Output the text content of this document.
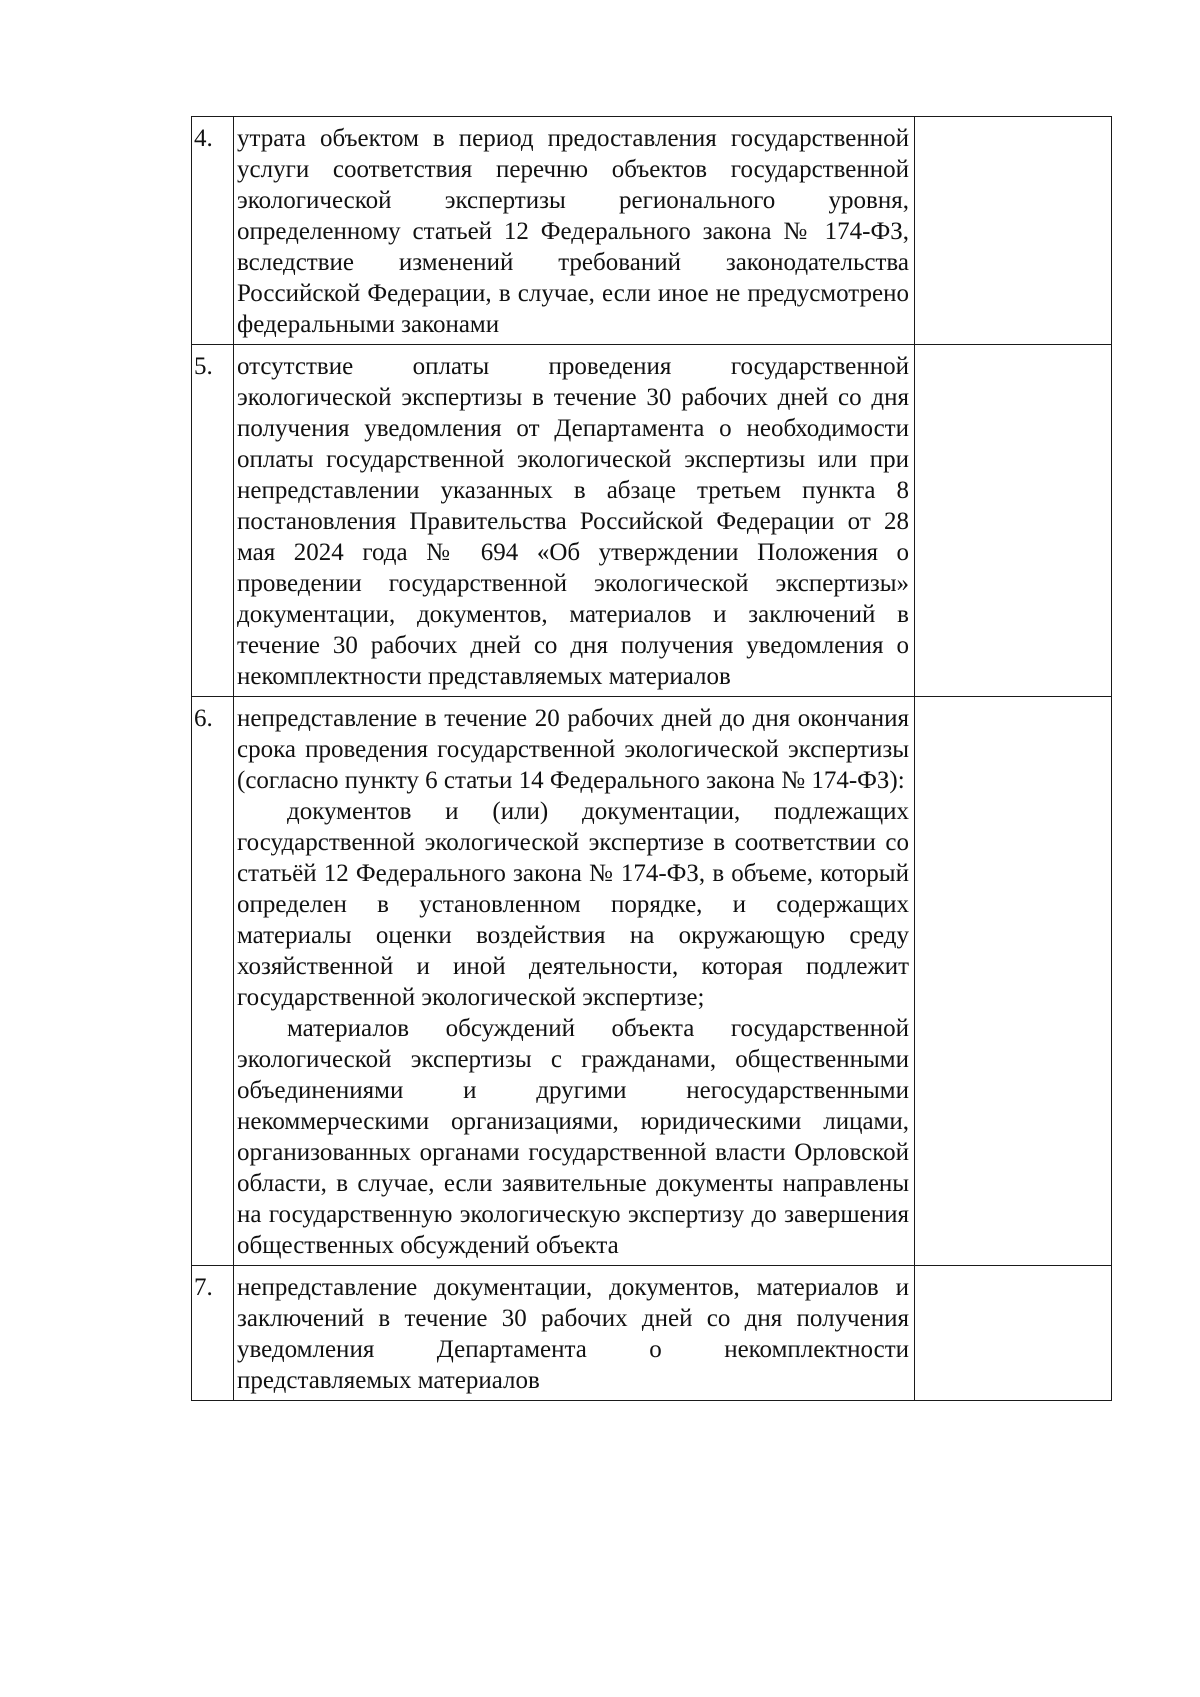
4.	утрата объектом в период предоставления государственной услуги соответствия перечню объектов государственной экологической экспертизы регионального уровня, определенному статьей 12 Федерального закона № 174-ФЗ, вследствие изменений требований законодательства Российской Федерации, в случае, если иное не предусмотрено федеральными законами	

5.	отсутствие оплаты проведения государственной экологической экспертизы в течение 30 рабочих дней со дня получения уведомления от Департамента о необходимости оплаты государственной экологической экспертизы или при непредставлении указанных в абзаце третьем пункта 8 постановления Правительства Российской Федерации от 28 мая 2024 года № 694 «Об утверждении Положения о проведении государственной экологической экспертизы» документации, документов, материалов и заключений в течение 30 рабочих дней со дня получения уведомления о некомплектности представляемых материалов	

6.	непредставление в течение 20 рабочих дней до дня окончания срока проведения государственной экологической экспертизы (согласно пункту 6 статьи 14 Федерального закона № 174-ФЗ):

документов и (или) документации, подлежащих государственной экологической экспертизе в соответствии со статьёй 12 Федерального закона № 174-ФЗ, в объеме, который определен в установленном порядке, и содержащих материалы оценки воздействия на окружающую среду хозяйственной и иной деятельности, которая подлежит государственной экологической экспертизе;

материалов обсуждений объекта государственной экологической экспертизы с гражданами, общественными объединениями и другими негосударственными некоммерческими организациями, юридическими лицами, организованных органами государственной власти Орловской области, в случае, если заявительные документы направлены на государственную экологическую экспертизу до завершения общественных обсуждений объекта	

7.	непредставление документации, документов, материалов и заключений в течение 30 рабочих дней со дня получения уведомления Департамента о некомплектности представляемых материалов	
